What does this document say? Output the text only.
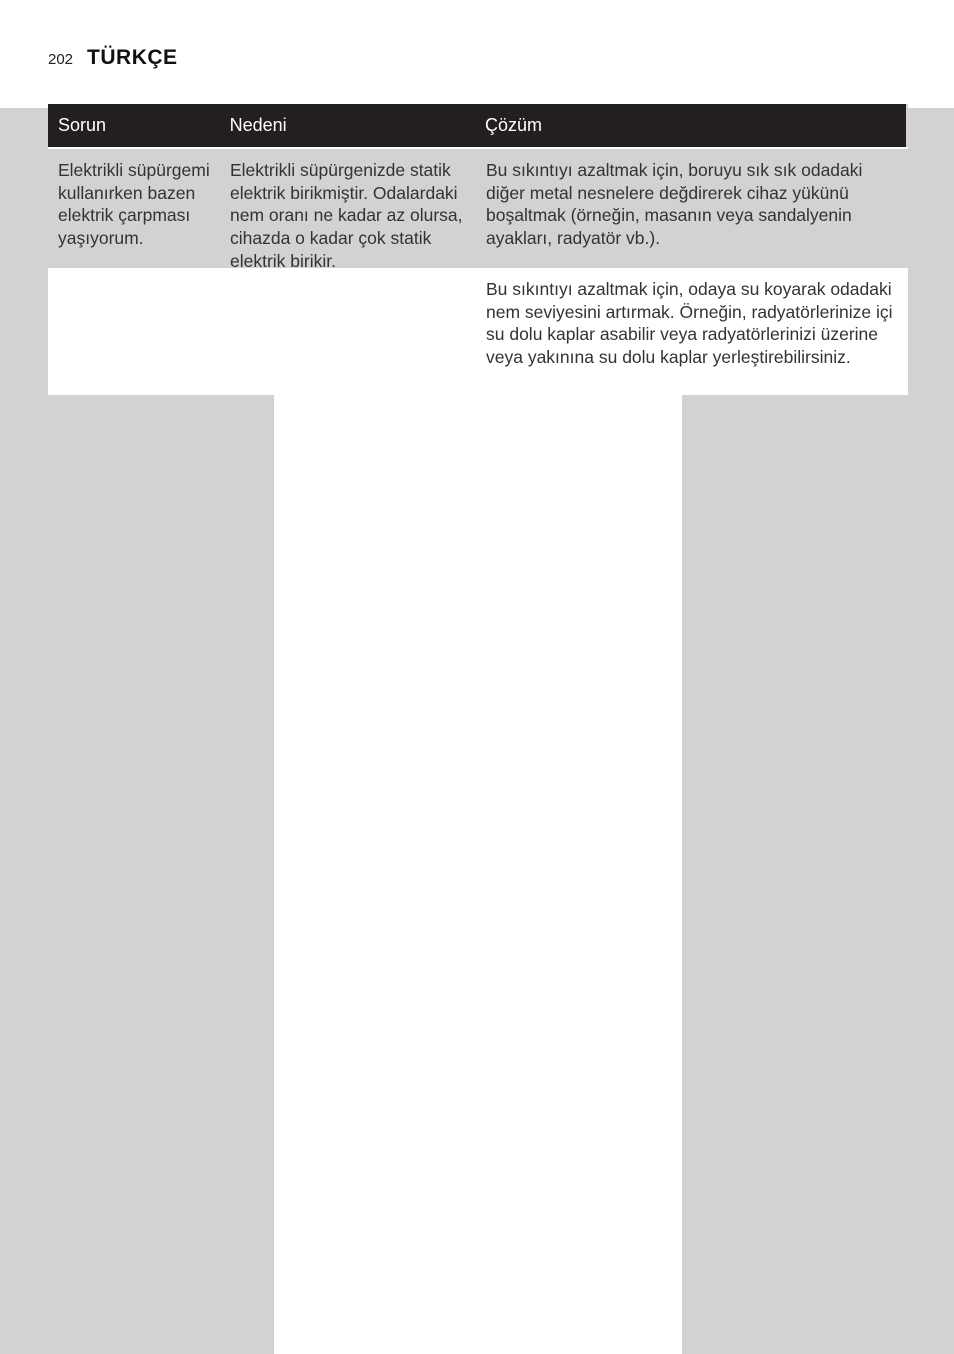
202 TÜRKÇE
Sorun	Nedeni	Çözüm
Elektrikli süpürgemi kullanırken bazen elektrik çarpması yaşıyorum.
Elektrikli süpürgenizde statik elektrik birikmiştir. Odalardaki nem oranı ne kadar az olursa, cihazda o kadar çok statik elektrik birikir.
Bu sıkıntıyı azaltmak için, boruyu sık sık odadaki diğer metal nesnelere değdirerek cihaz yükünü boşaltmak (örneğin, masanın veya sandalyenin ayakları, radyatör vb.).
Bu sıkıntıyı azaltmak için, odaya su koyarak odadaki nem seviyesini artırmak. Örneğin, radyatörlerinize içi su dolu kaplar asabilir veya radyatörlerinizi üzerine veya yakınına su dolu kaplar yerleştirebilirsiniz.
